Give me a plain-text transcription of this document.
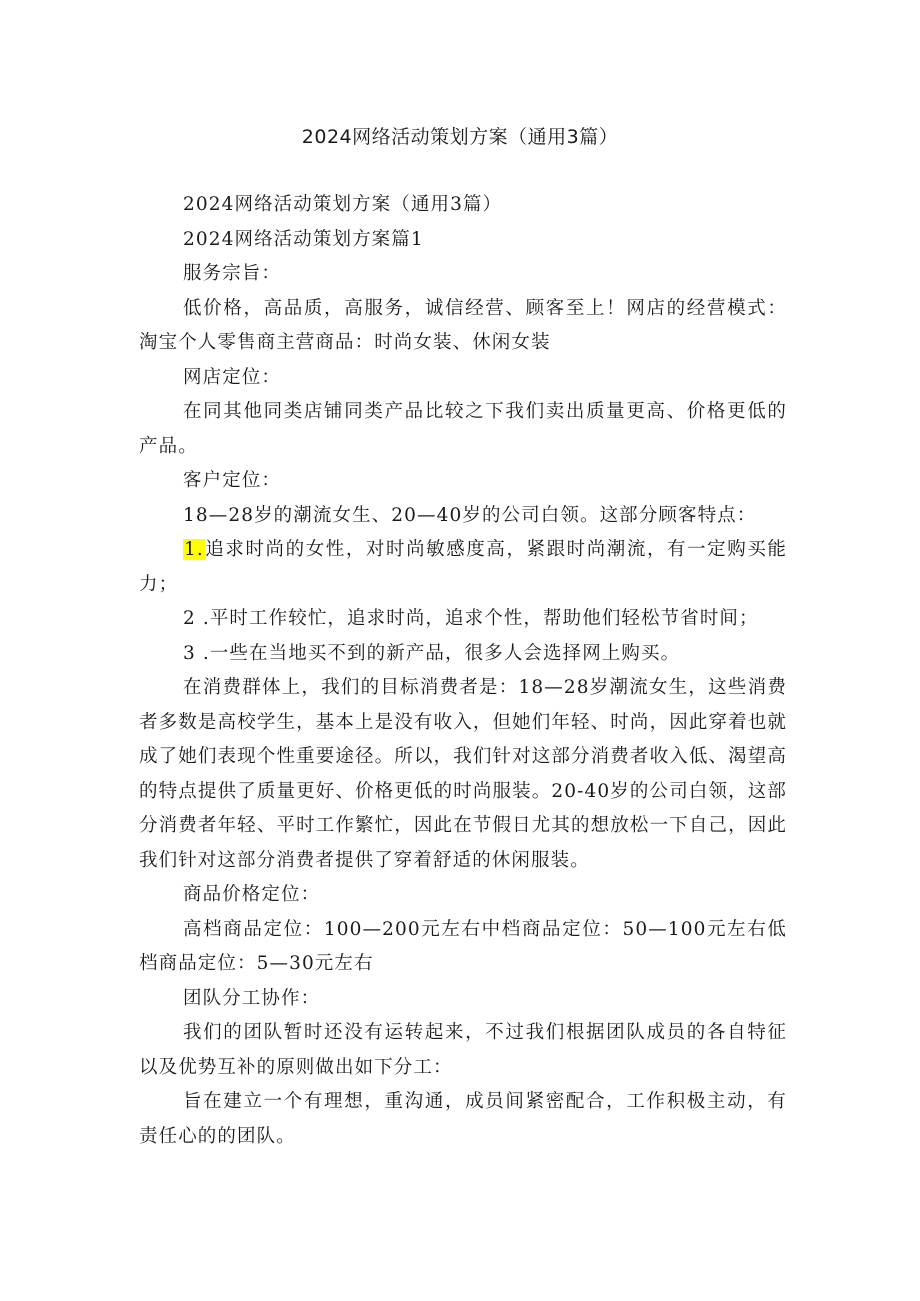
2024网络活动策划方案（通用3篇）

2024网络活动策划方案（通用3篇）

2024网络活动策划方案篇1

服务宗旨：

低价格，高品质，高服务，诚信经营、顾客至上！网店的经营模式：淘宝个人零售商主营商品：时尚女装、休闲女装

网店定位：

在同其他同类店铺同类产品比较之下我们卖出质量更高、价格更低的产品。

客户定位：

18—28岁的潮流女生、20—40岁的公司白领。这部分顾客特点：

1.追求时尚的女性，对时尚敏感度高，紧跟时尚潮流，有一定购买能力；

2 .平时工作较忙，追求时尚，追求个性，帮助他们轻松节省时间；

3 .一些在当地买不到的新产品，很多人会选择网上购买。

在消费群体上，我们的目标消费者是：18—28岁潮流女生，这些消费者多数是高校学生，基本上是没有收入，但她们年轻、时尚，因此穿着也就成了她们表现个性重要途径。所以，我们针对这部分消费者收入低、渴望高的特点提供了质量更好、价格更低的时尚服装。20-40岁的公司白领，这部分消费者年轻、平时工作繁忙，因此在节假日尤其的想放松一下自己，因此我们针对这部分消费者提供了穿着舒适的休闲服装。

商品价格定位：

高档商品定位：100—200元左右中档商品定位：50—100元左右低档商品定位：5—30元左右

团队分工协作：

我们的团队暂时还没有运转起来，不过我们根据团队成员的各自特征以及优势互补的原则做出如下分工：

旨在建立一个有理想，重沟通，成员间紧密配合，工作积极主动，有责任心的的团队。
